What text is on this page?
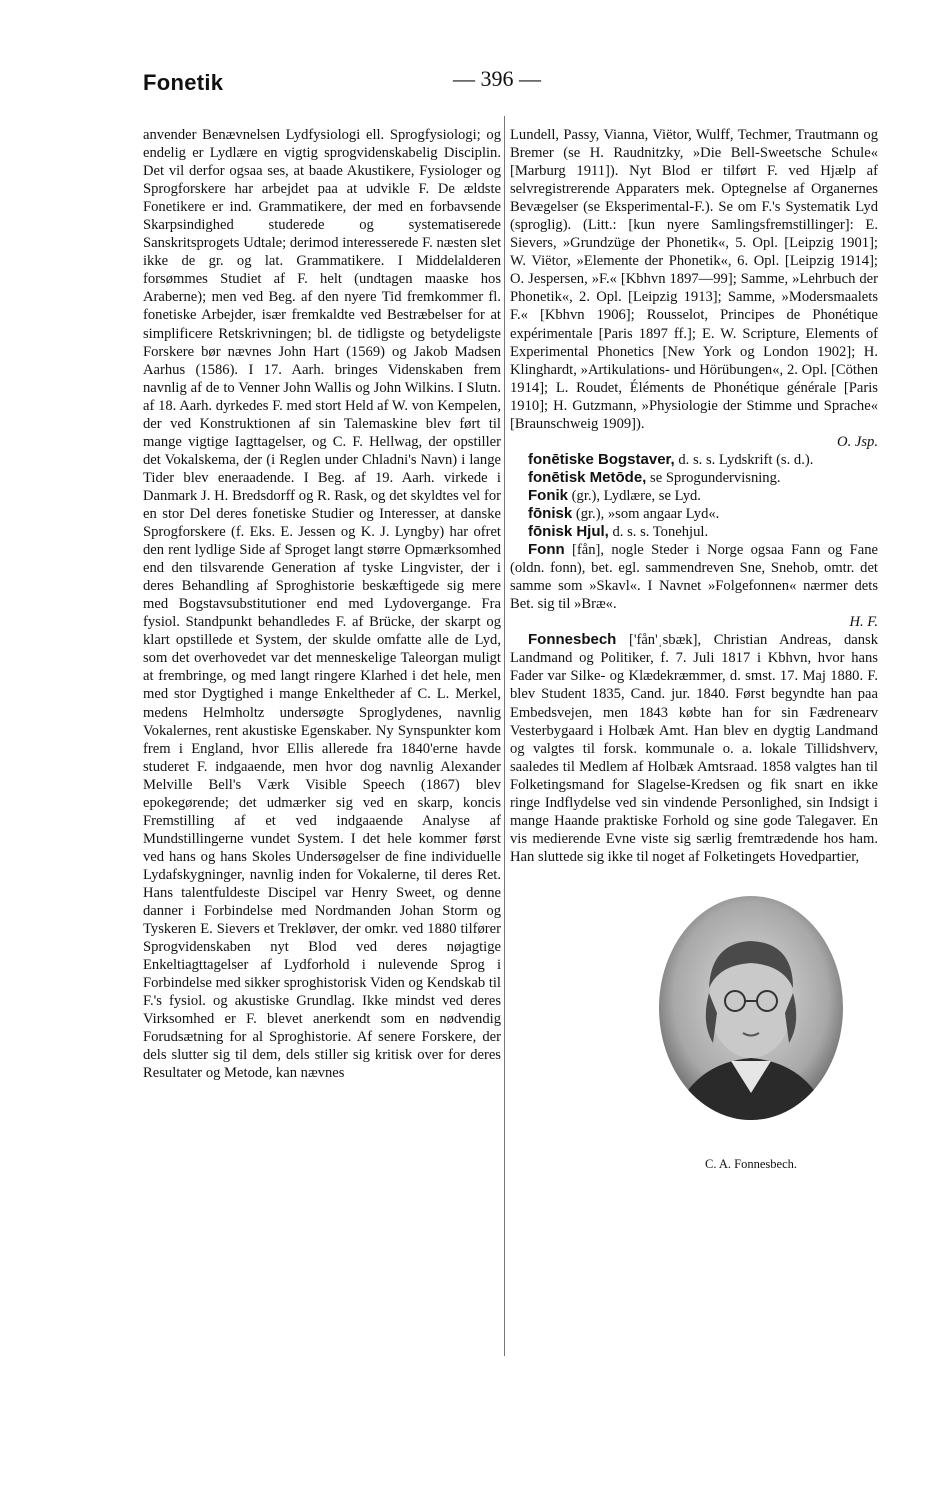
Fonetik	— 396 —

anvender Benævnelsen Lydfysiologi ell. Sprogfysiologi; og endelig er Lydlære en vigtig sprogvidenskabelig Disciplin. Det vil derfor ogsaa ses, at baade Akustikere, Fysiologer og Sprogforskere har arbejdet paa at udvikle F. De ældste Fonetikere er ind. Grammatikere, der med en forbavsende Skarpsindighed studerede og systematiserede Sanskritsprogets Udtale; derimod interesserede F. næsten slet ikke de gr. og lat. Grammatikere. I Middelalderen forsømmes Studiet af F. helt (undtagen maaske hos Araberne); men ved Beg. af den nyere Tid fremkommer fl. fonetiske Arbejder, især fremkaldte ved Bestræbelser for at simplificere Retskrivningen; bl. de tidligste og betydeligste Forskere bør nævnes John Hart (1569) og Jakob Madsen Aarhus (1586). I 17. Aarh. bringes Videnskaben frem navnlig af de to Venner John Wallis og John Wilkins. I Slutn. af 18. Aarh. dyrkedes F. med stort Held af W. von Kempelen, der ved Konstruktionen af sin Talemaskine blev ført til mange vigtige Iagttagelser, og C. F. Hellwag, der opstiller det Vokalskema, der (i Reglen under Chladni's Navn) i lange Tider blev eneraadende. I Beg. af 19. Aarh. virkede i Danmark J. H. Bredsdorff og R. Rask, og det skyldtes vel for en stor Del deres fonetiske Studier og Interesser, at danske Sprogforskere (f. Eks. E. Jessen og K. J. Lyngby) har ofret den rent lydlige Side af Sproget langt større Opmærksomhed end den tilsvarende Generation af tyske Lingvister, der i deres Behandling af Sproghistorie beskæftigede sig mere med Bogstavsubstitutioner end med Lydovergange. Fra fysiol. Standpunkt behandledes F. af Brücke, der skarpt og klart opstillede et System, der skulde omfatte alle de Lyd, som det overhovedet var det menneskelige Taleorgan muligt at frembringe, og med langt ringere Klarhed i det hele, men med stor Dygtighed i mange Enkeltheder af C. L. Merkel, medens Helmholtz undersøgte Sproglydenes, navnlig Vokalernes, rent akustiske Egenskaber. Ny Synspunkter kom frem i England, hvor Ellis allerede fra 1840'erne havde studeret F. indgaaende, men hvor dog navnlig Alexander Melville Bell's Værk Visible Speech (1867) blev epokegørende; det udmærker sig ved en skarp, koncis Fremstilling af et ved indgaaende Analyse af Mundstillingerne vundet System. I det hele kommer først ved hans og hans Skoles Undersøgelser de fine individuelle Lydafskygninger, navnlig inden for Vokalerne, til deres Ret. Hans talentfuldeste Discipel var Henry Sweet, og denne danner i Forbindelse med Nordmanden Johan Storm og Tyskeren E. Sievers et Trekløver, der omkr. ved 1880 tilfører Sprogvidenskaben nyt Blod ved deres nøjagtige Enkeltiagttagelser af Lydforhold i nulevende Sprog i Forbindelse med sikker sproghistorisk Viden og Kendskab til F.'s fysiol. og akustiske Grundlag. Ikke mindst ved deres Virksomhed er F. blevet anerkendt som en nødvendig Forudsætning for al Sproghistorie. Af senere Forskere, der dels slutter sig til dem, dels stiller sig kritisk over for deres Resultater og Metode, kan nævnes

Lundell, Passy, Vianna, Viëtor, Wulff, Techmer, Trautmann og Bremer (se H. Raudnitzky, »Die Bell-Sweetsche Schule« [Marburg 1911]). Nyt Blod er tilført F. ved Hjælp af selvregistrerende Apparaters mek. Optegnelse af Organernes Bevægelser (se Eksperimental-F.). Se om F.'s Systematik Lyd (sproglig). (Litt.: [kun nyere Samlingsfremstillinger]: E. Sievers, »Grundzüge der Phonetik«, 5. Opl. [Leipzig 1901]; W. Viëtor, »Elemente der Phonetik«, 6. Opl. [Leipzig 1914]; O. Jespersen, »F.« [Kbhvn 1897—99]; Samme, »Lehrbuch der Phonetik«, 2. Opl. [Leipzig 1913]; Samme, »Modersmaalets F.« [Kbhvn 1906]; Rousselot, Principes de Phonétique expérimentale [Paris 1897 ff.]; E. W. Scripture, Elements of Experimental Phonetics [New York og London 1902]; H. Klinghardt, »Artikulations- und Hörübungen«, 2. Opl. [Cöthen 1914]; L. Roudet, Éléments de Phonétique générale [Paris 1910]; H. Gutzmann, »Physiologie der Stimme und Sprache« [Braunschweig 1909]).

O. Jsp.

fonētiske Bogstaver, d. s. s. Lydskrift (s. d.).

fonētisk Metōde, se Sprogundervisning.

Fonik (gr.), Lydlære, se Lyd.

fōnisk (gr.), »som angaar Lyd«.

fōnisk Hjul, d. s. s. Tonehjul.

Fonn [fån], nogle Steder i Norge ogsaa Fann og Fane (oldn. fonn), bet. egl. sammendreven Sne, Snehob, omtr. det samme som »Skavl«. I Navnet »Folgefonnen« nærmer dets Bet. sig til »Bræ«.

H. F.

Fonnesbech ['fån'ˌsbæk], Christian Andreas, dansk Landmand og Politiker, f. 7. Juli 1817 i Kbhvn, hvor hans Fader var Silke- og Klædekræmmer, d. smst. 17. Maj 1880. F. blev Student 1835, Cand. jur. 1840. Først begyndte han paa Embedsvejen, men 1843 købte han for sin Fædrenearv Vesterbygaard i Holbæk Amt. Han blev en dygtig Landmand og valgtes til forsk. kommunale o. a. lokale Tillidshverv, saaledes til Medlem af Holbæk Amtsraad. 1858 valgtes han til Folketingsmand for Slagelse-Kredsen og fik snart en ikke ringe Indflydelse ved sin vindende Personlighed, sin Indsigt i mange Haande praktiske Forhold og sine gode Talegaver. En vis medierende Evne viste sig særlig fremtrædende hos ham. Han sluttede sig ikke til noget af Folketingets Hovedpartier,

C. A. Fonnesbech.
